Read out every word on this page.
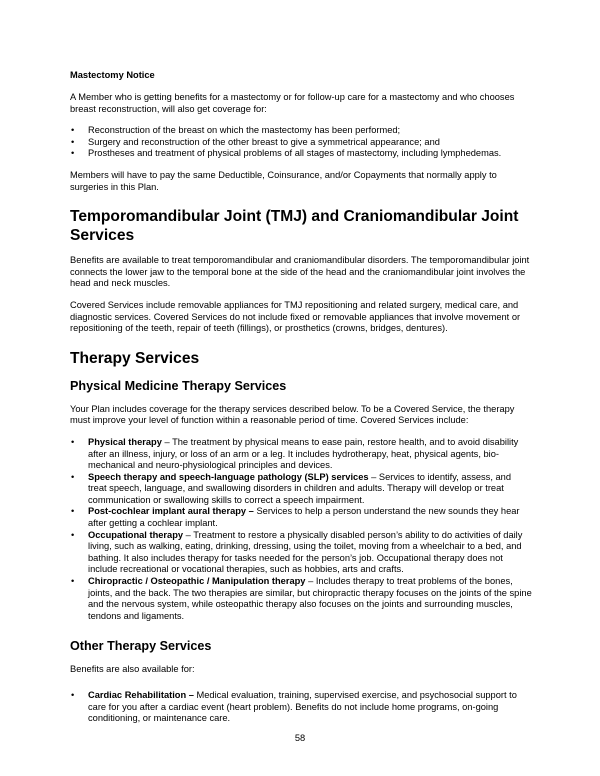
Mastectomy Notice

A Member who is getting benefits for a mastectomy or for follow-up care for a mastectomy and who chooses breast reconstruction, will also get coverage for:

• Reconstruction of the breast on which the mastectomy has been performed;
• Surgery and reconstruction of the other breast to give a symmetrical appearance; and
• Prostheses and treatment of physical problems of all stages of mastectomy, including lymphedemas.

Members will have to pay the same Deductible, Coinsurance, and/or Copayments that normally apply to surgeries in this Plan.

Temporomandibular Joint (TMJ) and Craniomandibular Joint Services

Benefits are available to treat temporomandibular and craniomandibular disorders. The temporomandibular joint connects the lower jaw to the temporal bone at the side of the head and the craniomandibular joint involves the head and neck muscles.

Covered Services include removable appliances for TMJ repositioning and related surgery, medical care, and diagnostic services. Covered Services do not include fixed or removable appliances that involve movement or repositioning of the teeth, repair of teeth (fillings), or prosthetics (crowns, bridges, dentures).

Therapy Services
Physical Medicine Therapy Services

Your Plan includes coverage for the therapy services described below. To be a Covered Service, the therapy must improve your level of function within a reasonable period of time. Covered Services include:

• Physical therapy – The treatment by physical means to ease pain, restore health, and to avoid disability after an illness, injury, or loss of an arm or a leg. It includes hydrotherapy, heat, physical agents, bio-mechanical and neuro-physiological principles and devices.
• Speech therapy and speech-language pathology (SLP) services – Services to identify, assess, and treat speech, language, and swallowing disorders in children and adults. Therapy will develop or treat communication or swallowing skills to correct a speech impairment.
• Post-cochlear implant aural therapy – Services to help a person understand the new sounds they hear after getting a cochlear implant.
• Occupational therapy – Treatment to restore a physically disabled person’s ability to do activities of daily living, such as walking, eating, drinking, dressing, using the toilet, moving from a wheelchair to a bed, and bathing. It also includes therapy for tasks needed for the person’s job. Occupational therapy does not include recreational or vocational therapies, such as hobbies, arts and crafts.
• Chiropractic / Osteopathic / Manipulation therapy – Includes therapy to treat problems of the bones, joints, and the back. The two therapies are similar, but chiropractic therapy focuses on the joints of the spine and the nervous system, while osteopathic therapy also focuses on the joints and surrounding muscles, tendons and ligaments.
Other Therapy Services

Benefits are also available for:

• Cardiac Rehabilitation – Medical evaluation, training, supervised exercise, and psychosocial support to care for you after a cardiac event (heart problem). Benefits do not include home programs, on-going conditioning, or maintenance care.
58
